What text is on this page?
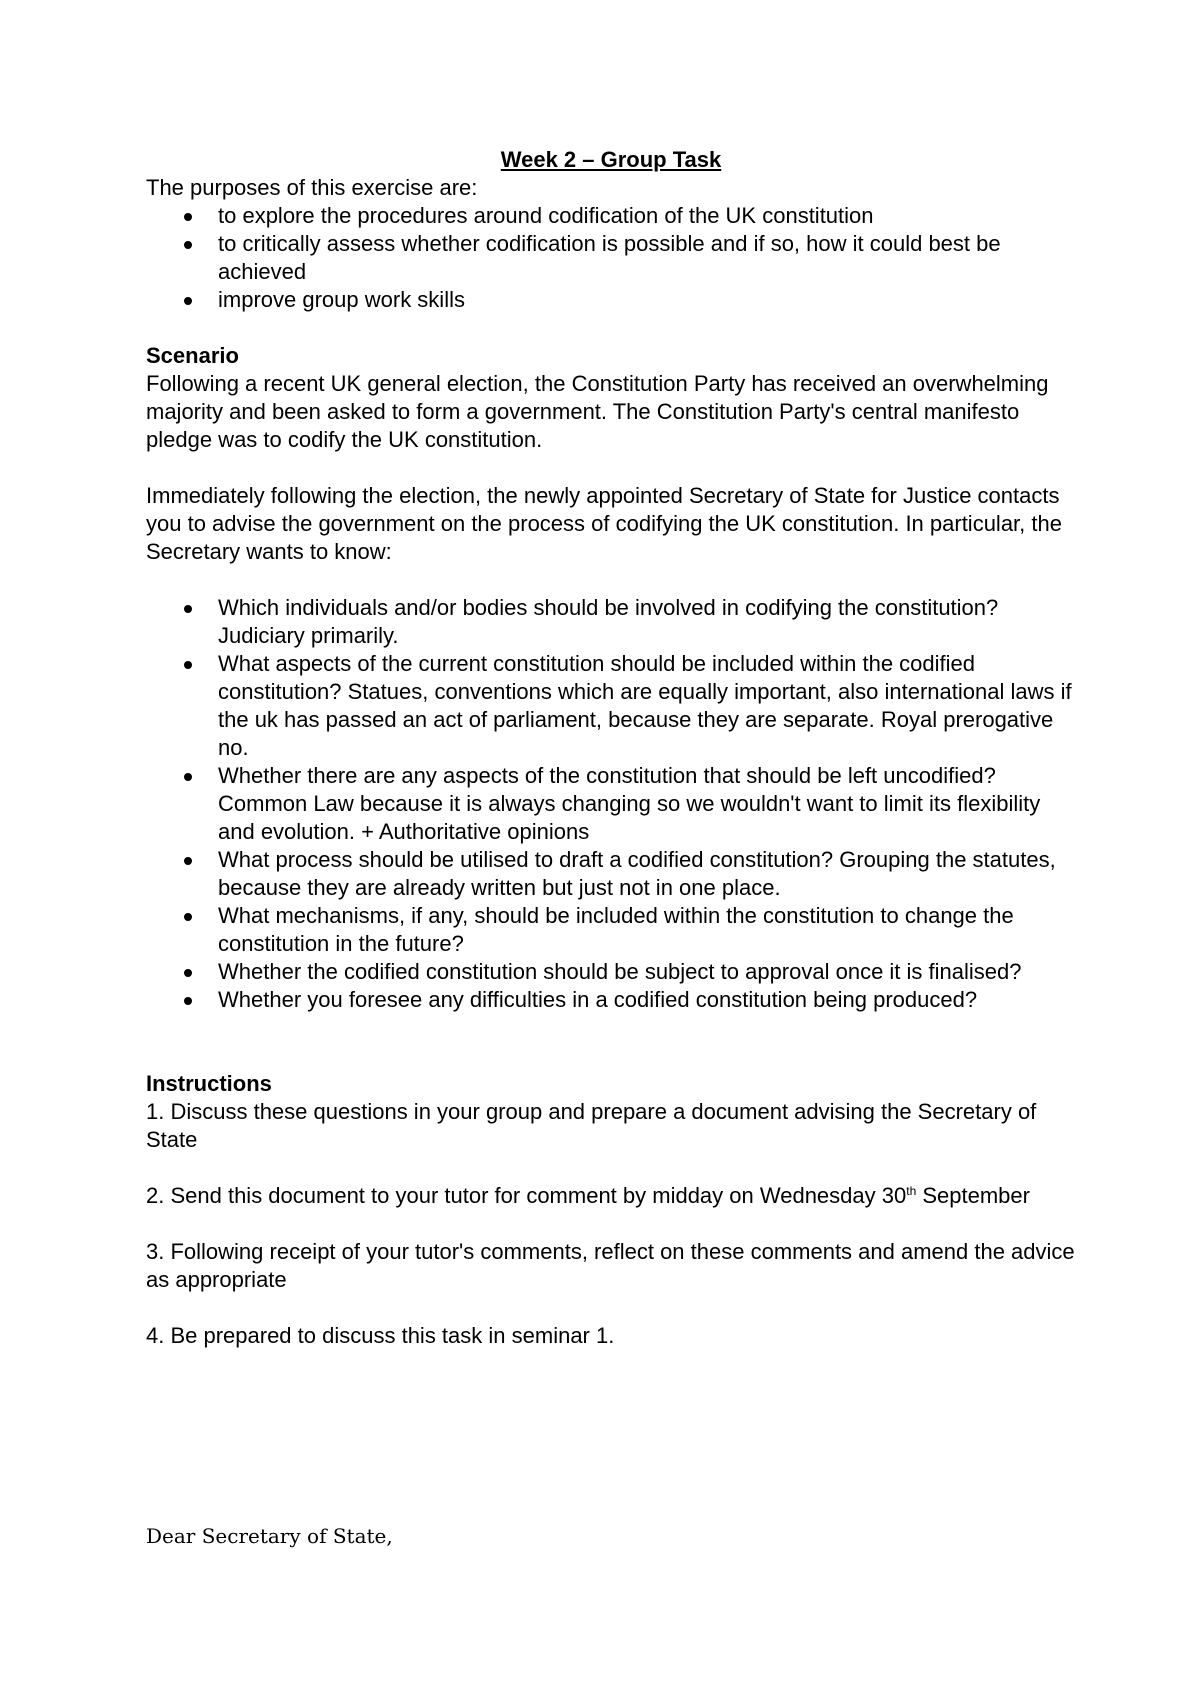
Week 2 – Group Task

The purposes of this exercise are:

to explore the procedures around codification of the UK constitution
to critically assess whether codification is possible and if so, how it could best be achieved
improve group work skills

Scenario

Following a recent UK general election, the Constitution Party has received an overwhelming majority and been asked to form a government. The Constitution Party's central manifesto pledge was to codify the UK constitution.

Immediately following the election, the newly appointed Secretary of State for Justice contacts you to advise the government on the process of codifying the UK constitution. In particular, the Secretary wants to know:

Which individuals and/or bodies should be involved in codifying the constitution? Judiciary primarily.
What aspects of the current constitution should be included within the codified constitution? Statues, conventions which are equally important, also international laws if the uk has passed an act of parliament, because they are separate. Royal prerogative no.
Whether there are any aspects of the constitution that should be left uncodified? Common Law because it is always changing so we wouldn't want to limit its flexibility and evolution. + Authoritative opinions
What process should be utilised to draft a codified constitution? Grouping the statutes, because they are already written but just not in one place.
What mechanisms, if any, should be included within the constitution to change the constitution in the future?
Whether the codified constitution should be subject to approval once it is finalised?
Whether you foresee any difficulties in a codified constitution being produced?

Instructions

1. Discuss these questions in your group and prepare a document advising the Secretary of State

2. Send this document to your tutor for comment by midday on Wednesday 30th September

3. Following receipt of your tutor's comments, reflect on these comments and amend the advice as appropriate

4. Be prepared to discuss this task in seminar 1.

Dear Secretary of State,
